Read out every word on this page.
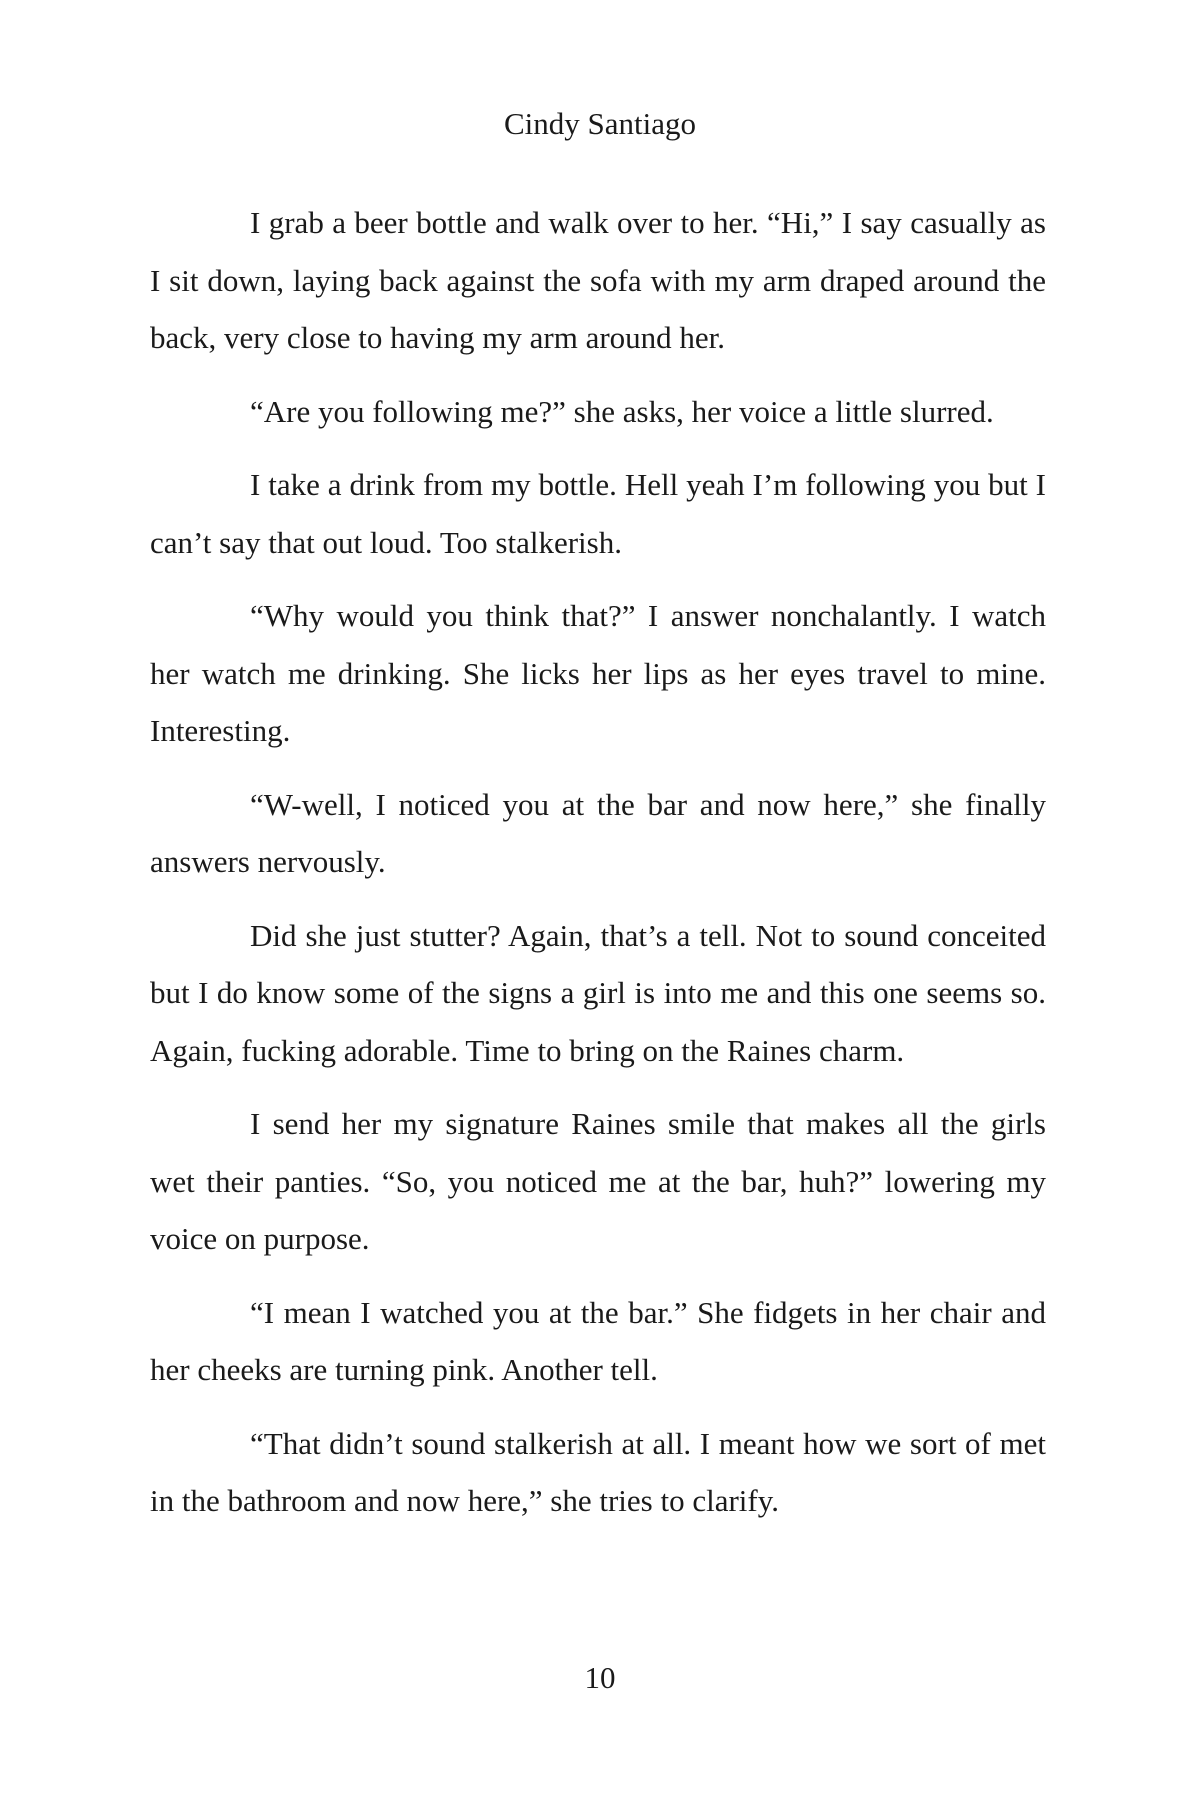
Cindy Santiago

I grab a beer bottle and walk over to her. “Hi,” I say casually as I sit down, laying back against the sofa with my arm draped around the back, very close to having my arm around her.

“Are you following me?” she asks, her voice a little slurred.

I take a drink from my bottle. Hell yeah I’m following you but I can’t say that out loud. Too stalkerish.

“Why would you think that?” I answer nonchalantly. I watch her watch me drinking. She licks her lips as her eyes travel to mine. Interesting.

“W-well, I noticed you at the bar and now here,” she finally answers nervously.

Did she just stutter? Again, that’s a tell. Not to sound conceited but I do know some of the signs a girl is into me and this one seems so. Again, fucking adorable. Time to bring on the Raines charm.

I send her my signature Raines smile that makes all the girls wet their panties. “So, you noticed me at the bar, huh?” lowering my voice on purpose.

“I mean I watched you at the bar.” She fidgets in her chair and her cheeks are turning pink. Another tell.

“That didn’t sound stalkerish at all. I meant how we sort of met in the bathroom and now here,” she tries to clarify.

10
